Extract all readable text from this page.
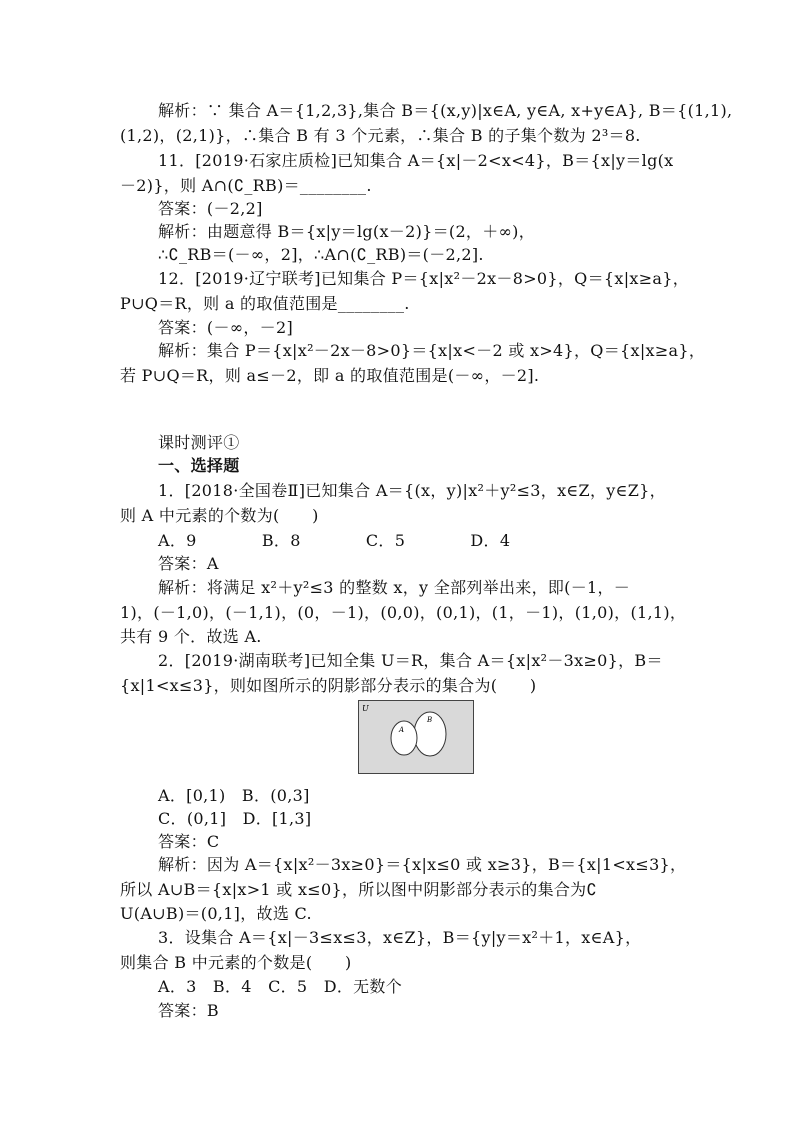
解析：∵ 集合 A＝{1,2,3},集合 B＝{(x,y)|x∈A, y∈A, x+y∈A}, B＝{(1,1),
(1,2)，(2,1)}，∴集合 B 有 3 个元素，∴集合 B 的子集个数为 2³＝8.
11．[2019·石家庄质检]已知集合 A＝{x|－2<x<4}，B＝{x|y＝lg(x
－2)}，则 A∩(∁_RB)＝________.
答案：(－2,2]
解析：由题意得 B＝{x|y＝lg(x－2)}＝(2，＋∞)，
∴∁_RB＝(－∞，2]，∴A∩(∁_RB)＝(－2,2].
12．[2019·辽宁联考]已知集合 P＝{x|x²－2x－8>0}，Q＝{x|x≥a}，
P∪Q＝R，则 a 的取值范围是________.
答案：(－∞，－2]
解析：集合 P＝{x|x²－2x－8>0}＝{x|x<－2 或 x>4}，Q＝{x|x≥a}，
若 P∪Q＝R，则 a≤－2，即 a 的取值范围是(－∞，－2].
课时测评①
一、选择题
1．[2018·全国卷Ⅱ]已知集合 A＝{(x，y)|x²＋y²≤3，x∈Z，y∈Z}，
则 A 中元素的个数为(　　)
A．9　　　　B．8　　　　C．5　　　　D．4
答案：A
解析：将满足 x²＋y²≤3 的整数 x，y 全部列举出来，即(－1，－
1)，(－1,0)，(－1,1)，(0，－1)，(0,0)，(0,1)，(1，－1)，(1,0)，(1,1)，
共有 9 个．故选 A.
2．[2019·湖南联考]已知全集 U＝R，集合 A＝{x|x²－3x≥0}，B＝
{x|1<x≤3}，则如图所示的阴影部分表示的集合为(　　)
A．[0,1)　B．(0,3]
C．(0,1]　D．[1,3]
答案：C
解析：因为 A＝{x|x²－3x≥0}＝{x|x≤0 或 x≥3}，B＝{x|1<x≤3}，
所以 A∪B＝{x|x>1 或 x≤0}，所以图中阴影部分表示的集合为∁
U(A∪B)＝(0,1]，故选 C.
3．设集合 A＝{x|－3≤x≤3，x∈Z}，B＝{y|y＝x²＋1，x∈A}，
则集合 B 中元素的个数是(　　)
A．3　B．4　C．5　D．无数个
答案：B
U
A
B
